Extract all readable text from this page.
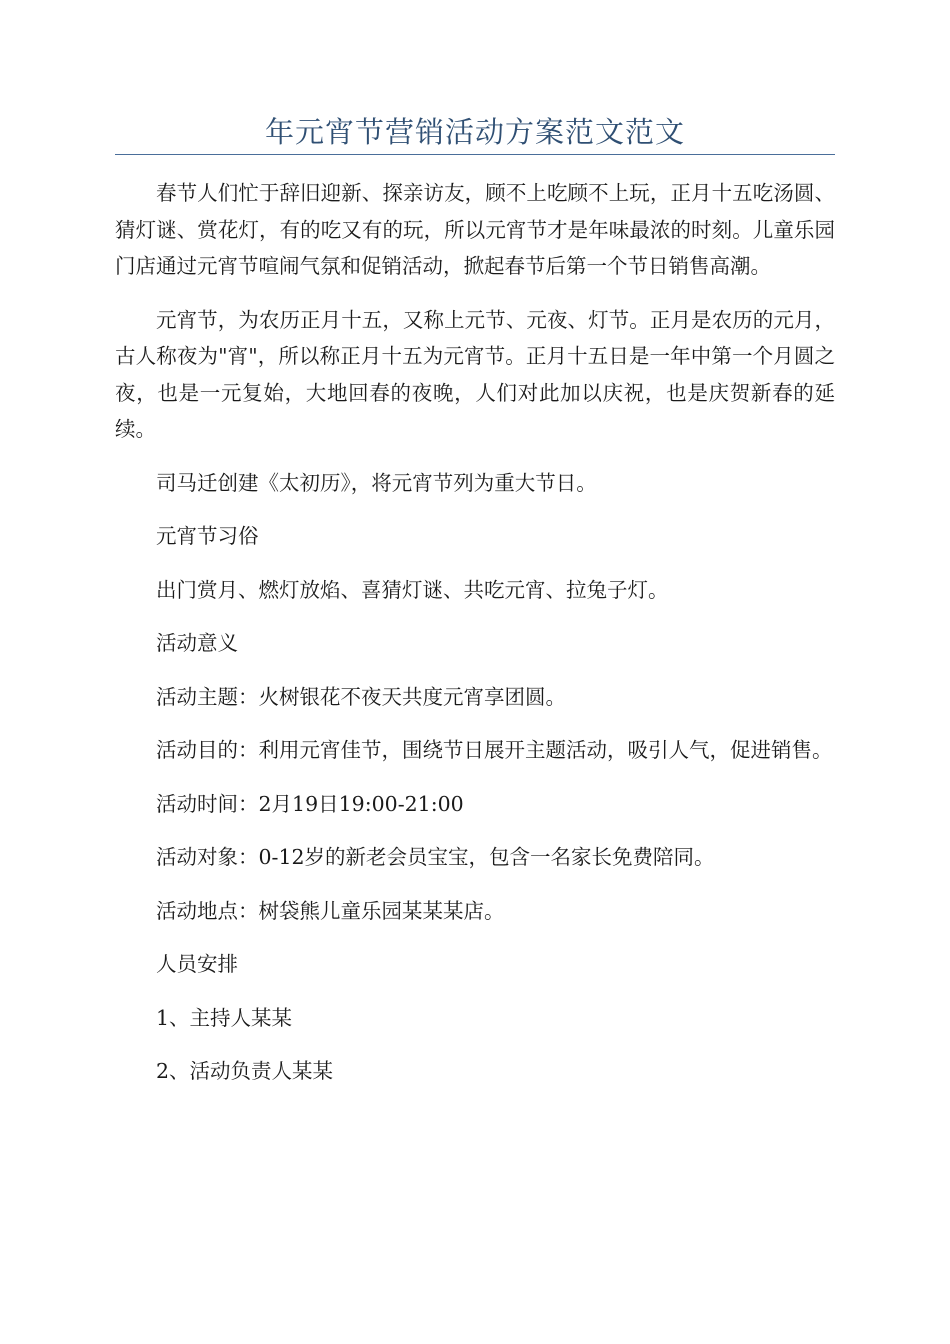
年元宵节营销活动方案范文范文

春节人们忙于辞旧迎新、探亲访友，顾不上吃顾不上玩，正月十五吃汤圆、猜灯谜、赏花灯，有的吃又有的玩，所以元宵节才是年味最浓的时刻。儿童乐园门店通过元宵节喧闹气氛和促销活动，掀起春节后第一个节日销售高潮。

元宵节，为农历正月十五，又称上元节、元夜、灯节。正月是农历的元月，古人称夜为"宵"，所以称正月十五为元宵节。正月十五日是一年中第一个月圆之夜，也是一元复始，大地回春的夜晚，人们对此加以庆祝，也是庆贺新春的延续。

司马迁创建《太初历》，将元宵节列为重大节日。

元宵节习俗

出门赏月、燃灯放焰、喜猜灯谜、共吃元宵、拉兔子灯。

活动意义

活动主题：火树银花不夜天共度元宵享团圆。

活动目的：利用元宵佳节，围绕节日展开主题活动，吸引人气，促进销售。

活动时间：2月19日19:00-21:00

活动对象：0-12岁的新老会员宝宝，包含一名家长免费陪同。

活动地点：树袋熊儿童乐园某某某店。

人员安排

1、主持人某某

2、活动负责人某某
